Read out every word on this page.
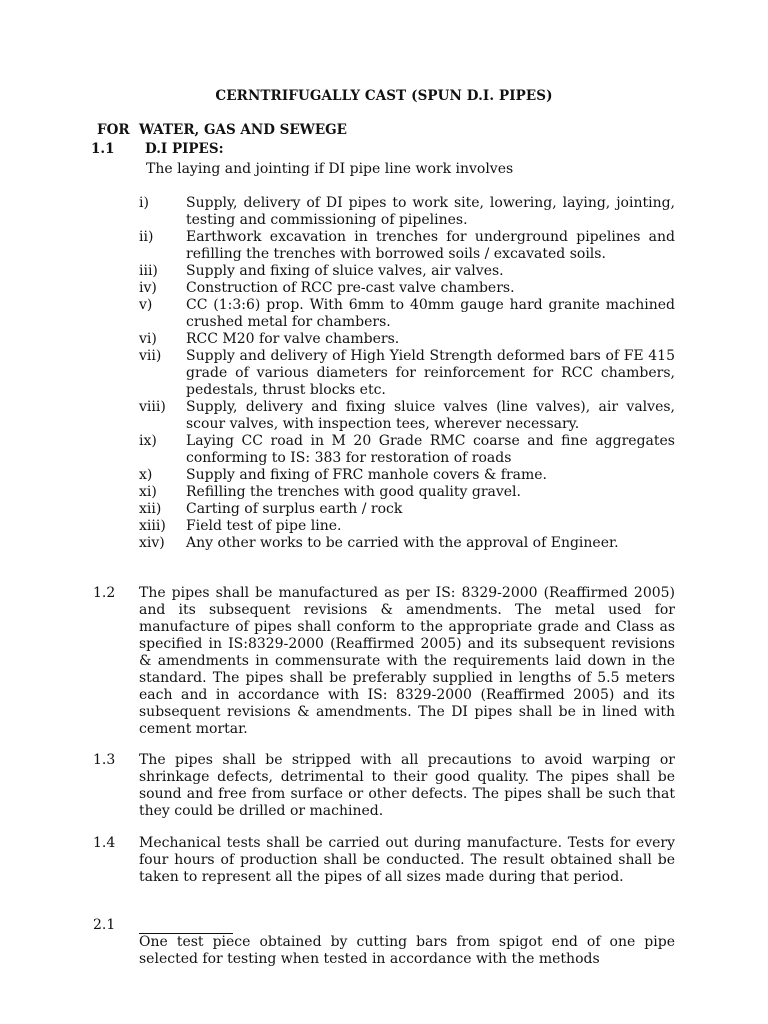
CERNTRIFUGALLY CAST (SPUN D.I. PIPES)
FOR  WATER, GAS AND SEWEGE
1.1 D.I PIPES:
The laying and jointing if DI pipe line work involves
i)	Supply, delivery of DI pipes to work site, lowering, laying, jointing, testing and commissioning of pipelines.
ii)	Earthwork excavation in trenches for underground pipelines and refilling the trenches with borrowed soils / excavated soils.
iii)	Supply and fixing of sluice valves, air valves.
iv)	Construction of RCC pre-cast valve chambers.
v)	CC (1:3:6) prop. With 6mm to 40mm gauge hard granite machined crushed metal for chambers.
vi)	RCC M20 for valve chambers.
vii)	Supply and delivery of High Yield Strength deformed bars of FE 415 grade of various diameters for reinforcement for RCC chambers, pedestals, thrust blocks etc.
viii)	Supply, delivery and fixing sluice valves (line valves), air valves, scour valves, with inspection tees, wherever necessary.
ix)	Laying CC road in M 20 Grade RMC coarse and fine aggregates conforming to IS: 383 for restoration of roads
x)	Supply and fixing of FRC manhole covers & frame.
xi)	Refilling the trenches with good quality gravel.
xii)	Carting of surplus earth / rock
xiii)	Field test of pipe line.
xiv)	Any other works to be carried with the approval of Engineer.
1.2	The pipes shall be manufactured as per IS: 8329-2000 (Reaffirmed 2005) and its subsequent revisions & amendments. The metal used for manufacture of pipes shall conform to the appropriate grade and Class as specified in IS:8329-2000 (Reaffirmed 2005) and its subsequent revisions & amendments in commensurate with the requirements laid down in the standard. The pipes shall be preferably supplied in lengths of 5.5 meters each and in accordance with IS: 8329-2000 (Reaffirmed 2005) and its subsequent revisions & amendments. The DI pipes shall be in lined with cement mortar.
1.3	The pipes shall be stripped with all precautions to avoid warping or shrinkage defects, detrimental to their good quality. The pipes shall be sound and free from surface or other defects. The pipes shall be such that they could be drilled or machined.
1.4	Mechanical tests shall be carried out during manufacture. Tests for every four hours of production shall be conducted. The result obtained shall be taken to represent all the pipes of all sizes made during that period.
2.1

One test piece obtained by cutting bars from spigot end of one pipe selected for testing when tested in accordance with the methods
